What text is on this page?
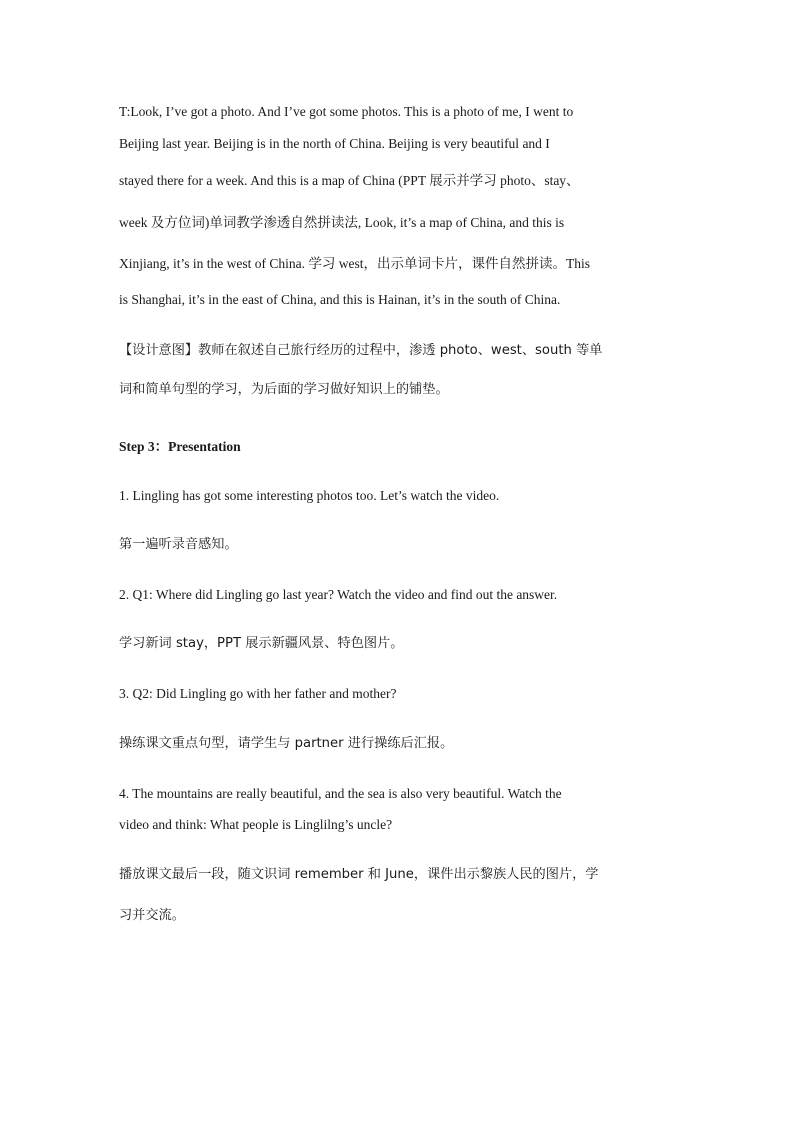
T:Look, I’ve got a photo. And I’ve got some photos. This is a photo of me, I went to
Beijing last year. Beijing is in the north of China. Beijing is very beautiful and I
stayed there for a week. And this is a map of China (PPT 展示并学习 photo、stay、
week 及方位词)单词教学渗透自然拼读法, Look, it’s a map of China, and this is
Xinjiang, it’s in the west of China. 学习 west，出示单词卡片，课件自然拼读。This
is Shanghai, it’s in the east of China, and this is Hainan, it’s in the south of China.
【设计意图】教师在叙述自己旅行经历的过程中，渗透 photo、west、south 等单
词和简单句型的学习，为后面的学习做好知识上的铺垫。
Step 3：Presentation
1. Lingling has got some interesting photos too. Let’s watch the video.
第一遍听录音感知。
2. Q1: Where did Lingling go last year? Watch the video and find out the answer.
学习新词 stay，PPT 展示新疆风景、特色图片。
3. Q2: Did Lingling go with her father and mother?
操练课文重点句型，请学生与 partner 进行操练后汇报。
4. The mountains are really beautiful, and the sea is also very beautiful. Watch the
video and think: What people is Linglilng’s uncle?
播放课文最后一段，随文识词 remember 和 June，课件出示黎族人民的图片，学
习并交流。
